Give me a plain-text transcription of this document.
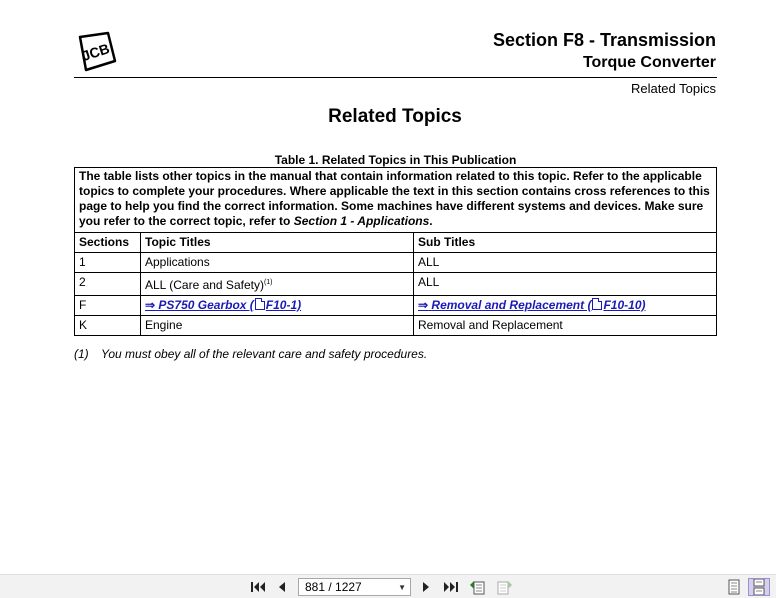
JCB
Section F8 - Transmission
Torque Converter
Related Topics
Related Topics
Table 1. Related Topics in This Publication
The table lists other topics in the manual that contain information related to this topic. Refer to the applicable topics to complete your procedures. Where applicable the text in this section contains cross references to this page to help you find the correct information. Some machines have different systems and devices. Make sure you refer to the correct topic, refer to Section 1 - Applications.		
Sections	Topic Titles	Sub Titles
1	Applications	ALL
2	ALL (Care and Safety)$^{(1)}$	ALL
F	⇒ PS750 Gearbox ( F10-1)	⇒ Removal and Replacement ( F10-10)
K	Engine	Removal and Replacement
(1) You must obey all of the relevant care and safety procedures.
881 / 1227	▼
